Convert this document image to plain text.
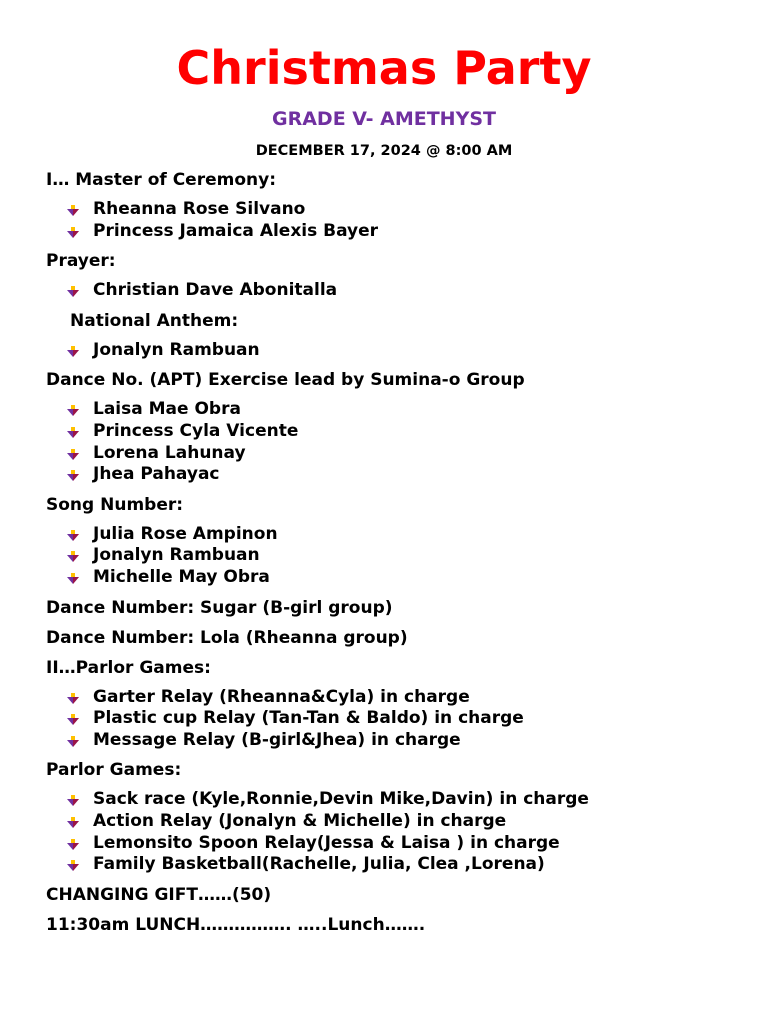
Christmas Party
GRADE V- AMETHYST
DECEMBER 17, 2024 @ 8:00 AM
I… Master of Ceremony:
Rheanna Rose Silvano
Princess Jamaica Alexis Bayer
Prayer:
Christian Dave Abonitalla
National Anthem:
Jonalyn Rambuan
Dance No. (APT) Exercise lead by Sumina-o Group
Laisa Mae Obra
Princess Cyla Vicente
Lorena Lahunay
Jhea Pahayac
Song Number:
Julia Rose Ampinon
Jonalyn Rambuan
Michelle May Obra
Dance Number: Sugar (B-girl group)
Dance Number: Lola (Rheanna group)
II…Parlor Games:
Garter Relay (Rheanna&Cyla) in charge
Plastic cup Relay (Tan-Tan & Baldo) in charge
Message Relay (B-girl&Jhea) in charge
Parlor Games:
Sack race (Kyle,Ronnie,Devin Mike,Davin) in charge
Action Relay (Jonalyn & Michelle) in charge
Lemonsito Spoon Relay(Jessa & Laisa ) in charge
Family Basketball(Rachelle, Julia, Clea ,Lorena)
CHANGING GIFT……(50)
11:30am LUNCH……………. …..Lunch…….
